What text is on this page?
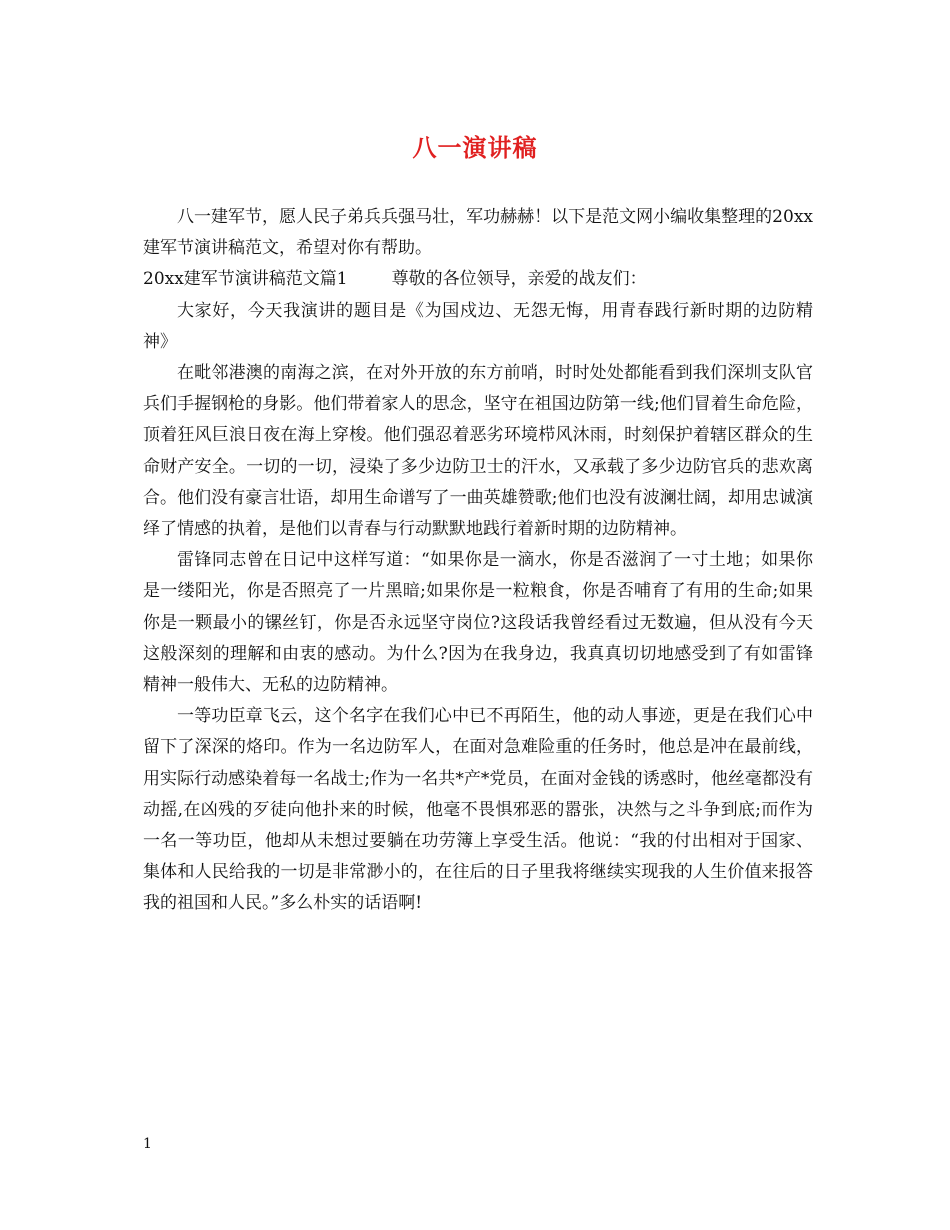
八一演讲稿

八一建军节，愿人民子弟兵兵强马壮，军功赫赫！以下是范文网小编收集整理的20xx建军节演讲稿范文，希望对你有帮助。

20xx建军节演讲稿范文篇1	尊敬的各位领导，亲爱的战友们：

大家好，今天我演讲的题目是《为国戍边、无怨无悔，用青春践行新时期的边防精神》

在毗邻港澳的南海之滨，在对外开放的东方前哨，时时处处都能看到我们深圳支队官兵们手握钢枪的身影。他们带着家人的思念，坚守在祖国边防第一线;他们冒着生命危险，顶着狂风巨浪日夜在海上穿梭。他们强忍着恶劣环境栉风沐雨，时刻保护着辖区群众的生命财产安全。一切的一切，浸染了多少边防卫士的汗水，又承载了多少边防官兵的悲欢离合。他们没有豪言壮语，却用生命谱写了一曲英雄赞歌;他们也没有波澜壮阔，却用忠诚演绎了情感的执着，是他们以青春与行动默默地践行着新时期的边防精神。

雷锋同志曾在日记中这样写道：“如果你是一滴水，你是否滋润了一寸土地；如果你是一缕阳光，你是否照亮了一片黑暗;如果你是一粒粮食，你是否哺育了有用的生命;如果你是一颗最小的镙丝钉，你是否永远坚守岗位?这段话我曾经看过无数遍，但从没有今天这般深刻的理解和由衷的感动。为什么?因为在我身边，我真真切切地感受到了有如雷锋精神一般伟大、无私的边防精神。

一等功臣章飞云，这个名字在我们心中已不再陌生，他的动人事迹，更是在我们心中留下了深深的烙印。作为一名边防军人，在面对急难险重的任务时，他总是冲在最前线，用实际行动感染着每一名战士;作为一名共*产*党员，在面对金钱的诱惑时，他丝毫都没有动摇,在凶残的歹徒向他扑来的时候，他毫不畏惧邪恶的嚣张，决然与之斗争到底;而作为一名一等功臣，他却从未想过要躺在功劳簿上享受生活。他说：“我的付出相对于国家、集体和人民给我的一切是非常渺小的，在往后的日子里我将继续实现我的人生价值来报答我的祖国和人民。”多么朴实的话语啊!

1
